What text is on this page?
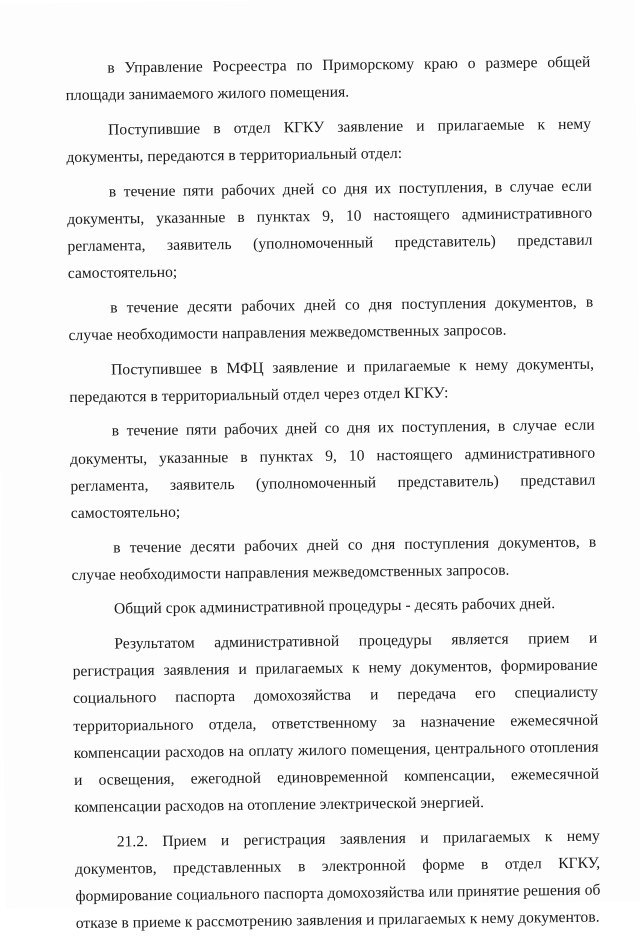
в Управление Росреестра по Приморскому краю о размере общей площади занимаемого жилого помещения.

Поступившие в отдел КГКУ заявление и прилагаемые к нему документы, передаются в территориальный отдел:

в течение пяти рабочих дней со дня их поступления, в случае если документы, указанные в пунктах 9, 10 настоящего административного регламента, заявитель (уполномоченный представитель) представил самостоятельно;

в течение десяти рабочих дней со дня поступления документов, в случае необходимости направления межведомственных запросов.

Поступившее в МФЦ заявление и прилагаемые к нему документы, передаются в территориальный отдел через отдел КГКУ:

в течение пяти рабочих дней со дня их поступления, в случае если документы, указанные в пунктах 9, 10 настоящего административного регламента, заявитель (уполномоченный представитель) представил самостоятельно;

в течение десяти рабочих дней со дня поступления документов, в случае необходимости направления межведомственных запросов.

Общий срок административной процедуры - десять рабочих дней.

Результатом административной процедуры является прием и регистрация заявления и прилагаемых к нему документов, формирование социального паспорта домохозяйства и передача его специалисту территориального отдела, ответственному за назначение ежемесячной компенсации расходов на оплату жилого помещения, центрального отопления и освещения, ежегодной единовременной компенсации, ежемесячной компенсации расходов на отопление электрической энергией.

21.2. Прием и регистрация заявления и прилагаемых к нему документов, представленных в электронной форме в отдел КГКУ, формирование социального паспорта домохозяйства или принятие решения об отказе в приеме к рассмотрению заявления и прилагаемых к нему документов.
